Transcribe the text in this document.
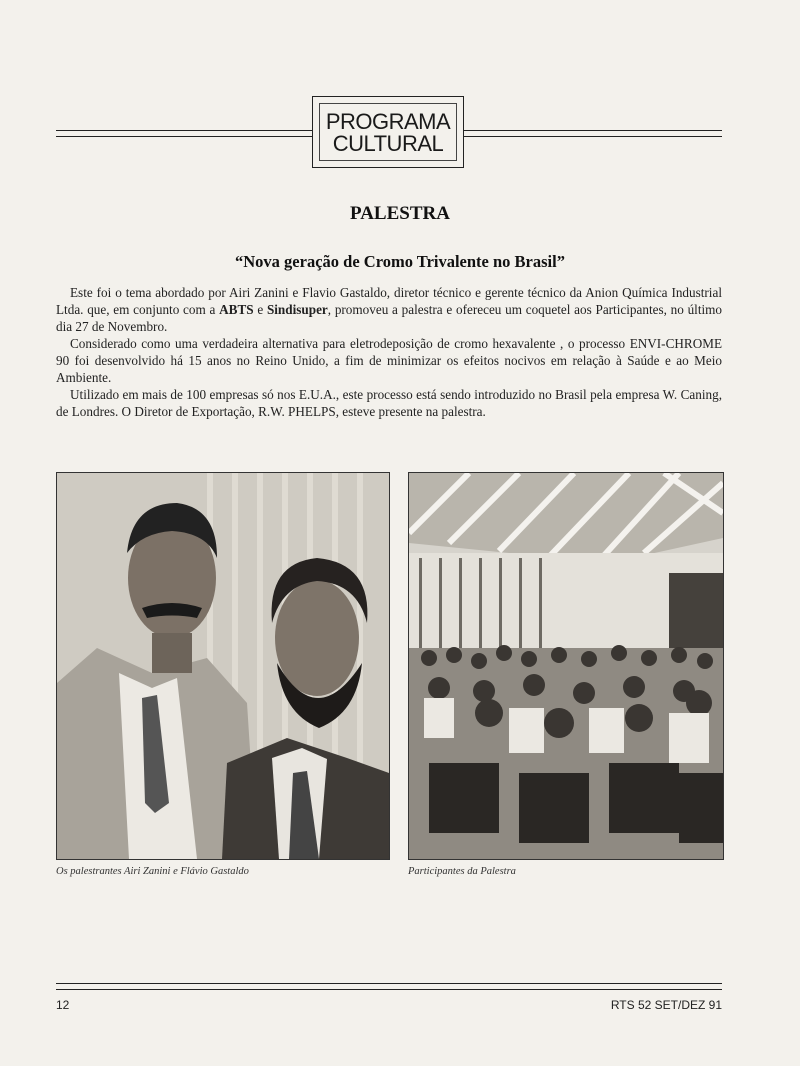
PROGRAMA
CULTURAL
PALESTRA
“Nova geração de Cromo Trivalente no Brasil”

Este foi o tema abordado por Airi Zanini e Flavio Gastaldo, diretor técnico e gerente técnico da Anion Química Industrial Ltda. que, em conjunto com a ABTS e Sindisuper, promoveu a palestra e ofereceu um coquetel aos Participantes, no último dia 27 de Novembro.

Considerado como uma verdadeira alternativa para eletrodeposição de cromo hexavalente , o processo ENVI-CHROME 90 foi desenvolvido há 15 anos no Reino Unido, a fim de minimizar os efeitos nocivos em relação à Saúde e ao Meio Ambiente.

Utilizado em mais de 100 empresas só nos E.U.A., este processo está sendo introduzido no Brasil pela empresa W. Caning, de Londres. O Diretor de Exportação, R.W. PHELPS, esteve presente na palestra.

Os palestrantes Airi Zanini e Flávio Gastaldo	Participantes da Palestra
12	RTS 52 SET/DEZ 91
